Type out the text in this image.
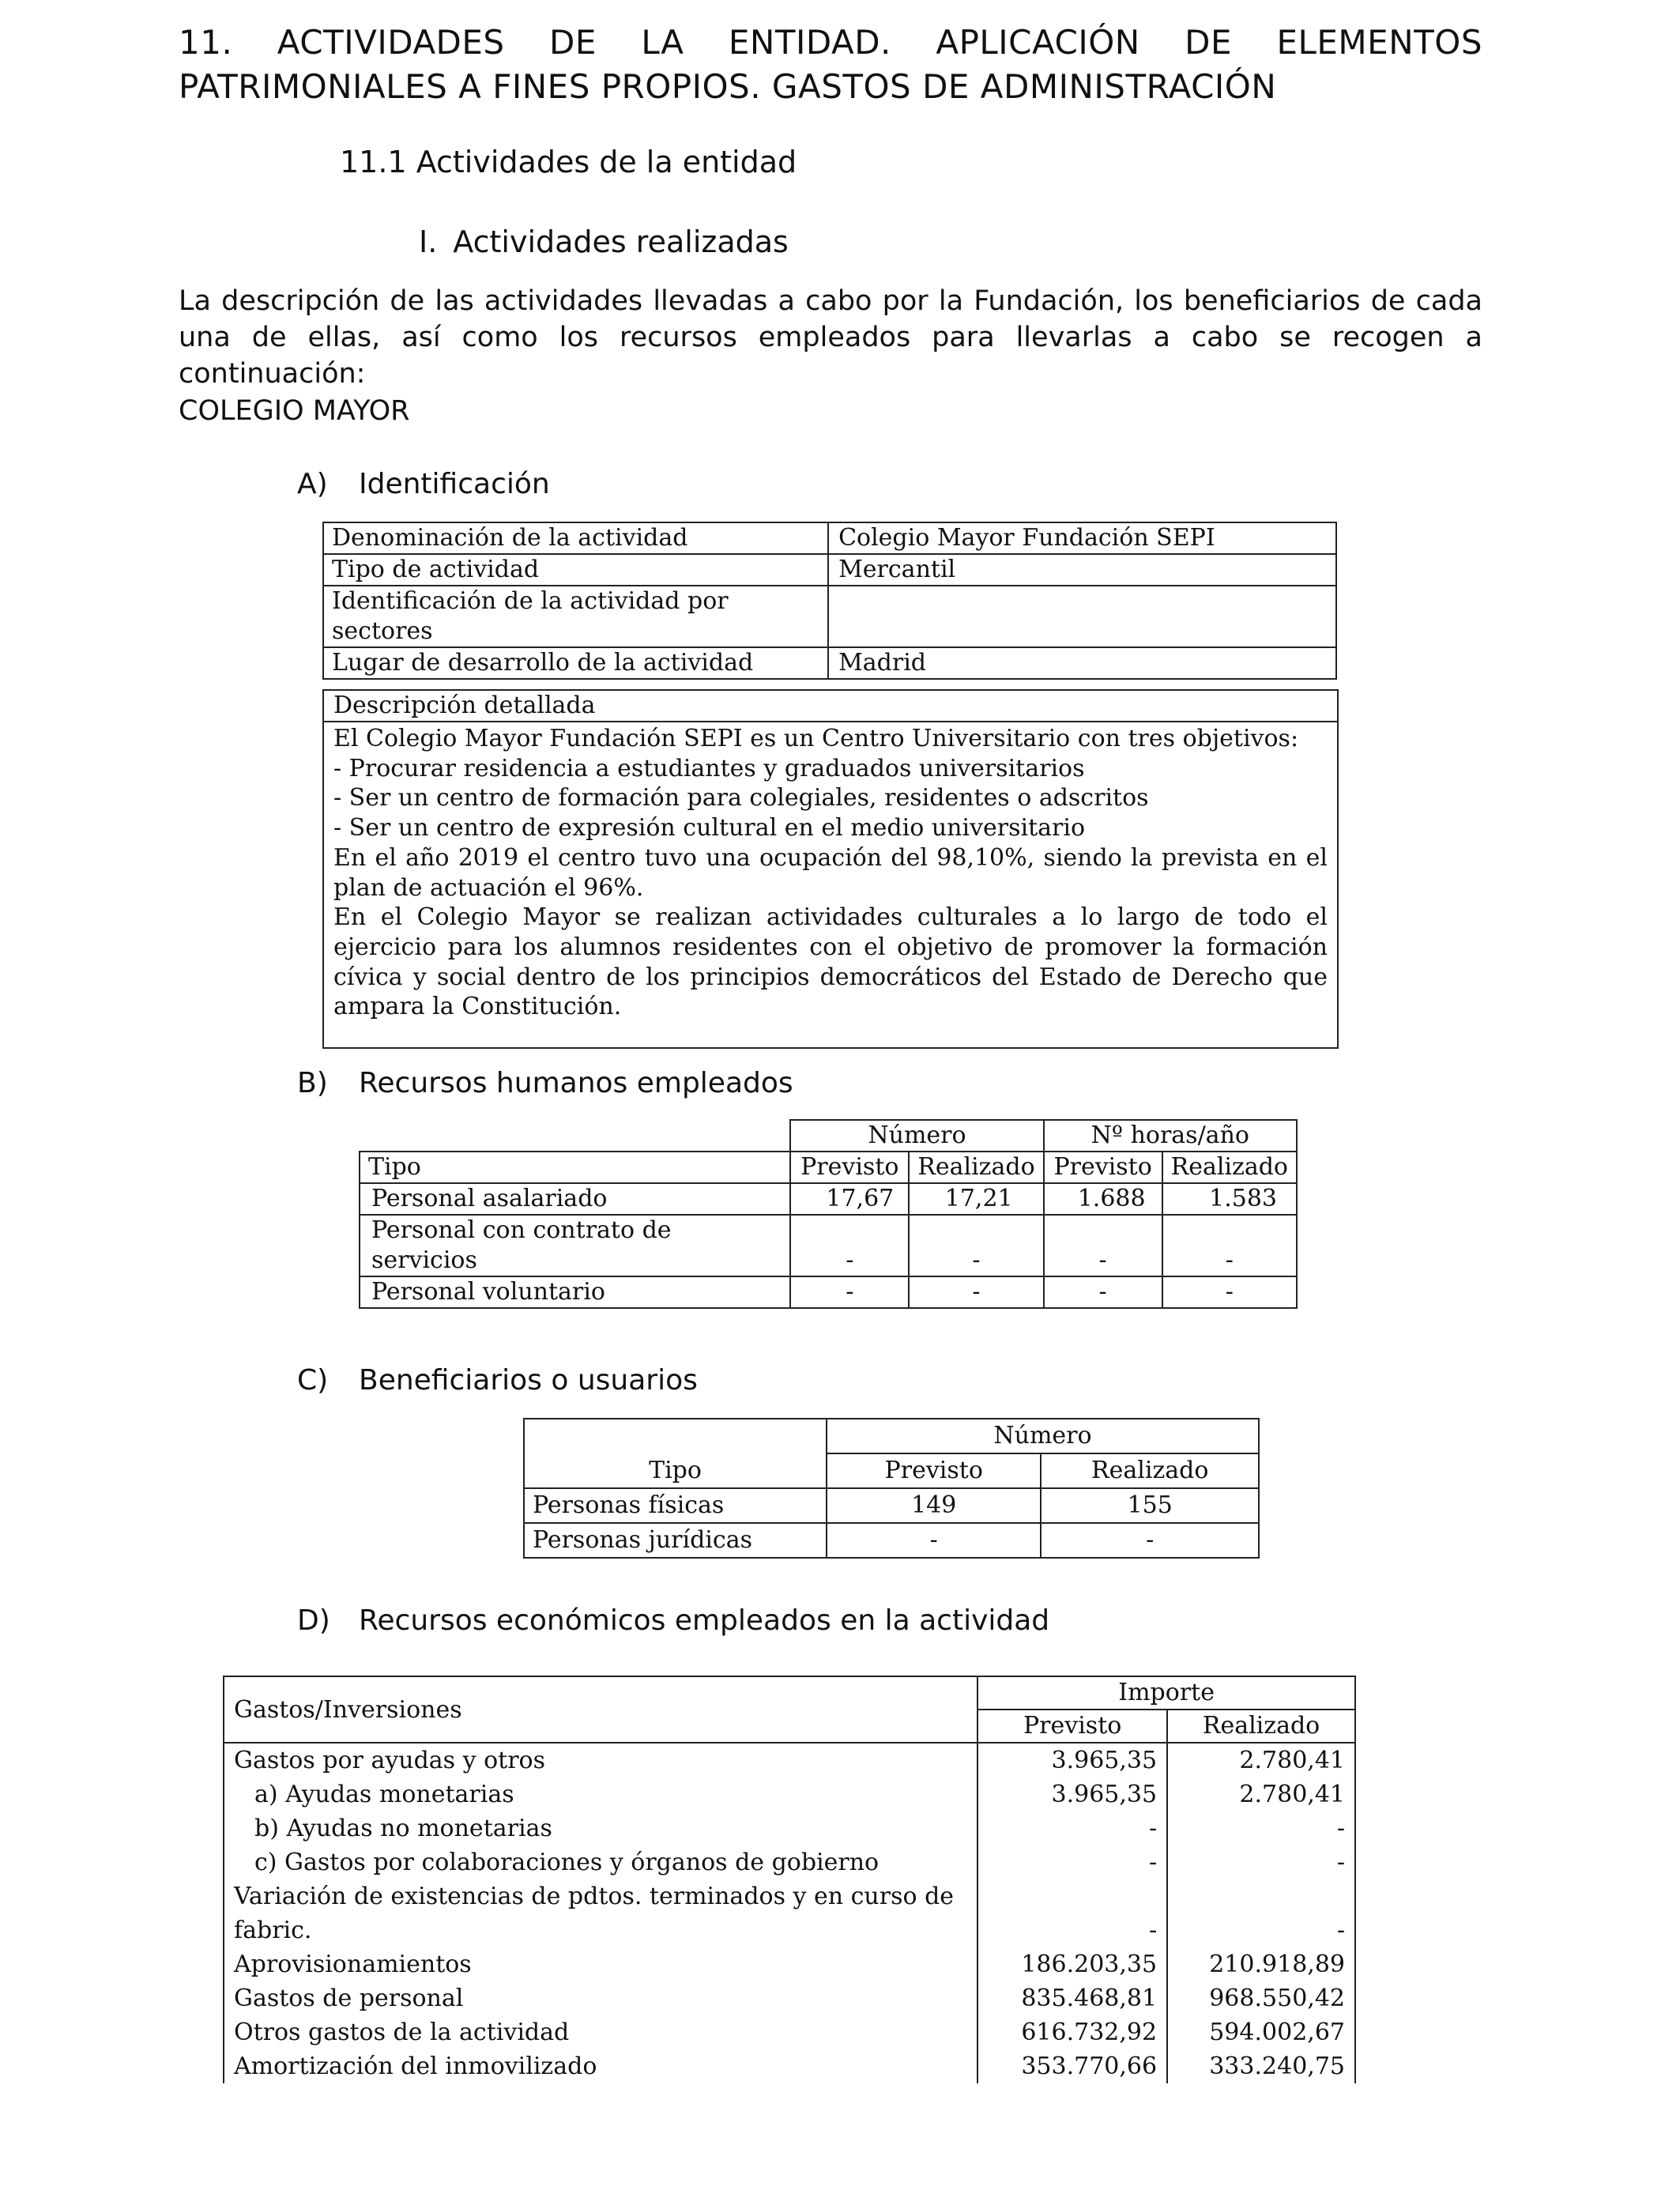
11. ACTIVIDADES DE LA ENTIDAD. APLICACIÓN DE ELEMENTOS
PATRIMONIALES A FINES PROPIOS. GASTOS DE ADMINISTRACIÓN
11.1 Actividades de la entidad
I. Actividades realizadas
La descripción de las actividades llevadas a cabo por la Fundación, los beneficiarios de cada una de ellas, así como los recursos empleados para llevarlas a cabo se recogen a continuación:
COLEGIO MAYOR
A) Identificación
Denominación de la actividad	Colegio Mayor Fundación SEPI
Tipo de actividad	Mercantil
Identificación de la actividad por sectores	
Lugar de desarrollo de la actividad	Madrid
Descripción detallada
El Colegio Mayor Fundación SEPI es un Centro Universitario con tres objetivos:
- Procurar residencia a estudiantes y graduados universitarios
- Ser un centro de formación para colegiales, residentes o adscritos
- Ser un centro de expresión cultural en el medio universitario
En el año 2019 el centro tuvo una ocupación del 98,10%, siendo la prevista en el plan de actuación el 96%.
En el Colegio Mayor se realizan actividades culturales a lo largo de todo el ejercicio para los alumnos residentes con el objetivo de promover la formación cívica y social dentro de los principios democráticos del Estado de Derecho que ampara la Constitución.
B) Recursos humanos empleados
	Número		Nº horas/año	
Tipo	Previsto	Realizado	Previsto	Realizado
Personal asalariado	17,67	17,21	1.688	1.583
Personal con contrato de servicios	-	-	-	-
Personal voluntario	-	-	-	-
C) Beneficiarios o usuarios
	Número	
Tipo	Previsto	Realizado
Personas físicas	149	155
Personas jurídicas	-	-
D) Recursos económicos empleados en la actividad
Gastos/Inversiones	Importe	
	Previsto	Realizado
Gastos por ayudas y otros	3.965,35	2.780,41
a) Ayudas monetarias	3.965,35	2.780,41
b) Ayudas no monetarias	-	-
c) Gastos por colaboraciones y órganos de gobierno	-	-
Variación de existencias de pdtos. terminados y en curso de fabric.	-	-
Aprovisionamientos	186.203,35	210.918,89
Gastos de personal	835.468,81	968.550,42
Otros gastos de la actividad	616.732,92	594.002,67
Amortización del inmovilizado	353.770,66	333.240,75
